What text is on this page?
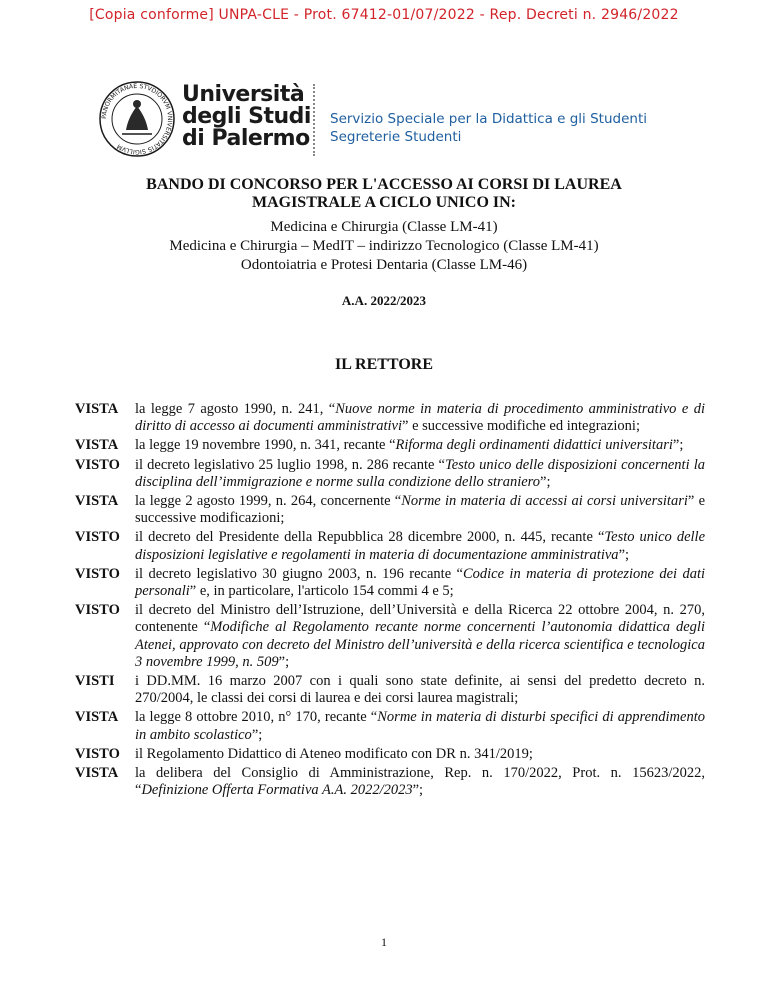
[Copia conforme] UNPA-CLE - Prot. 67412-01/07/2022 - Rep. Decreti n. 2946/2022
PANORMITANAE STVDIORVM VNIVERSITATIS SIGILLVM
Università
degli Studi
di Palermo
Servizio Speciale per la Didattica e gli Studenti
Segreterie Studenti
BANDO DI CONCORSO PER L'ACCESSO AI CORSI DI LAUREA
MAGISTRALE A CICLO UNICO IN:
Medicina e Chirurgia (Classe LM-41)
Medicina e Chirurgia – MedIT – indirizzo Tecnologico (Classe LM-41)
Odontoiatria e Protesi Dentaria (Classe LM-46)
A.A. 2022/2023
IL RETTORE
VISTA la legge 7 agosto 1990, n. 241, “Nuove norme in materia di procedimento amministrativo e di diritto di accesso ai documenti amministrativi” e successive modifiche ed integrazioni;
VISTA la legge 19 novembre 1990, n. 341, recante “Riforma degli ordinamenti didattici universitari”;
VISTO il decreto legislativo 25 luglio 1998, n. 286 recante “Testo unico delle disposizioni concernenti la disciplina dell’immigrazione e norme sulla condizione dello straniero”;
VISTA la legge 2 agosto 1999, n. 264, concernente “Norme in materia di accessi ai corsi universitari” e successive modificazioni;
VISTO il decreto del Presidente della Repubblica 28 dicembre 2000, n. 445, recante “Testo unico delle disposizioni legislative e regolamenti in materia di documentazione amministrativa”;
VISTO il decreto legislativo 30 giugno 2003, n. 196 recante “Codice in materia di protezione dei dati personali” e, in particolare, l'articolo 154 commi 4 e 5;
VISTO il decreto del Ministro dell’Istruzione, dell’Università e della Ricerca 22 ottobre 2004, n. 270, contenente “Modifiche al Regolamento recante norme concernenti l’autonomia didattica degli Atenei, approvato con decreto del Ministro dell’università e della ricerca scientifica e tecnologica 3 novembre 1999, n. 509”;
VISTI i DD.MM. 16 marzo 2007 con i quali sono state definite, ai sensi del predetto decreto n. 270/2004, le classi dei corsi di laurea e dei corsi laurea magistrali;
VISTA la legge 8 ottobre 2010, n° 170, recante “Norme in materia di disturbi specifici di apprendimento in ambito scolastico”;
VISTO il Regolamento Didattico di Ateneo modificato con DR n. 341/2019;
VISTA la delibera del Consiglio di Amministrazione, Rep. n. 170/2022, Prot. n. 15623/2022, “Definizione Offerta Formativa A.A. 2022/2023”;
1
